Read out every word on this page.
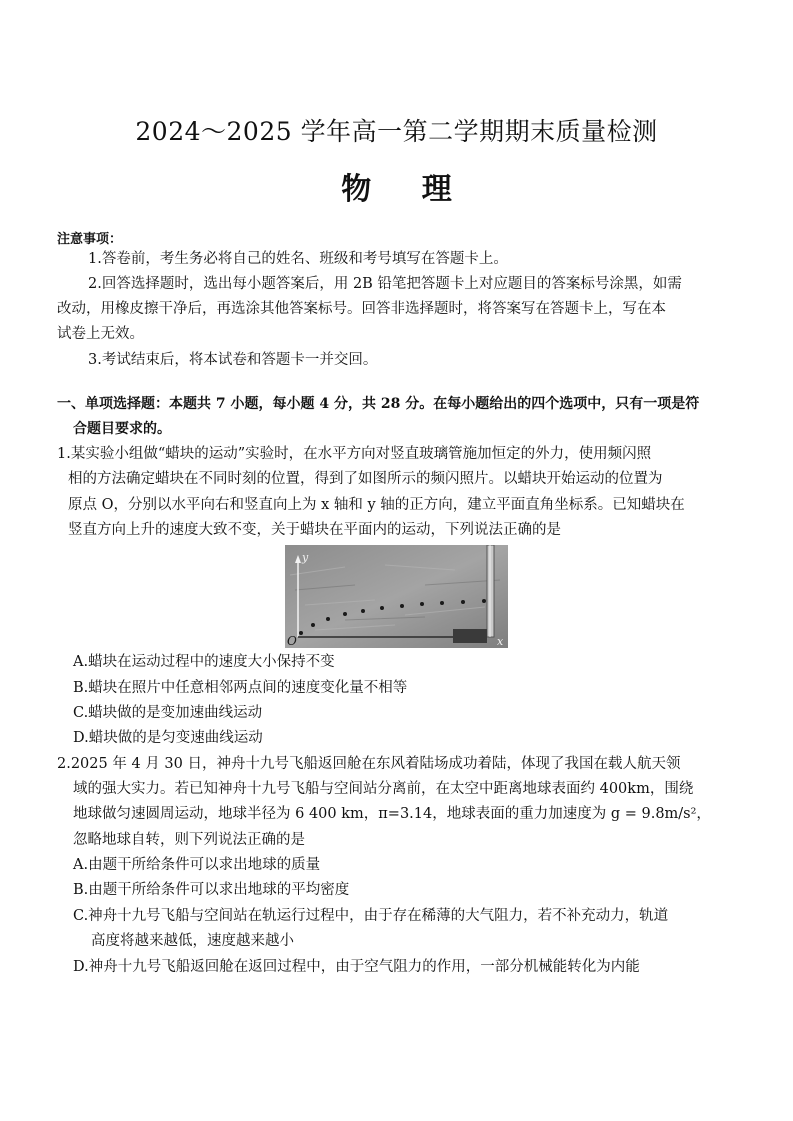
2024～2025 学年高一第二学期期末质量检测
物 理
注意事项：
1.答卷前，考生务必将自己的姓名、班级和考号填写在答题卡上。
2.回答选择题时，选出每小题答案后，用 2B 铅笔把答题卡上对应题目的答案标号涂黑，如需
改动，用橡皮擦干净后，再选涂其他答案标号。回答非选择题时，将答案写在答题卡上，写在本
试卷上无效。
3.考试结束后，将本试卷和答题卡一并交回。
一、单项选择题：本题共 7 小题，每小题 4 分，共 28 分。在每小题给出的四个选项中，只有一项是符
合题目要求的。
1.某实验小组做“蜡块的运动”实验时，在水平方向对竖直玻璃管施加恒定的外力，使用频闪照
相的方法确定蜡块在不同时刻的位置，得到了如图所示的频闪照片。以蜡块开始运动的位置为
原点 O，分别以水平向右和竖直向上为 x 轴和 y 轴的正方向，建立平面直角坐标系。已知蜡块在
竖直方向上升的速度大致不变，关于蜡块在平面内的运动，下列说法正确的是
O
y
x
A.蜡块在运动过程中的速度大小保持不变
B.蜡块在照片中任意相邻两点间的速度变化量不相等
C.蜡块做的是变加速曲线运动
D.蜡块做的是匀变速曲线运动
2.2025 年 4 月 30 日，神舟十九号飞船返回舱在东风着陆场成功着陆，体现了我国在载人航天领
域的强大实力。若已知神舟十九号飞船与空间站分离前，在太空中距离地球表面约 400km，围绕
地球做匀速圆周运动，地球半径为 6 400 km，π=3.14，地球表面的重力加速度为 g = 9.8m/s²，
忽略地球自转，则下列说法正确的是
A.由题干所给条件可以求出地球的质量
B.由题干所给条件可以求出地球的平均密度
C.神舟十九号飞船与空间站在轨运行过程中，由于存在稀薄的大气阻力，若不补充动力，轨道
高度将越来越低，速度越来越小
D.神舟十九号飞船返回舱在返回过程中，由于空气阻力的作用，一部分机械能转化为内能
